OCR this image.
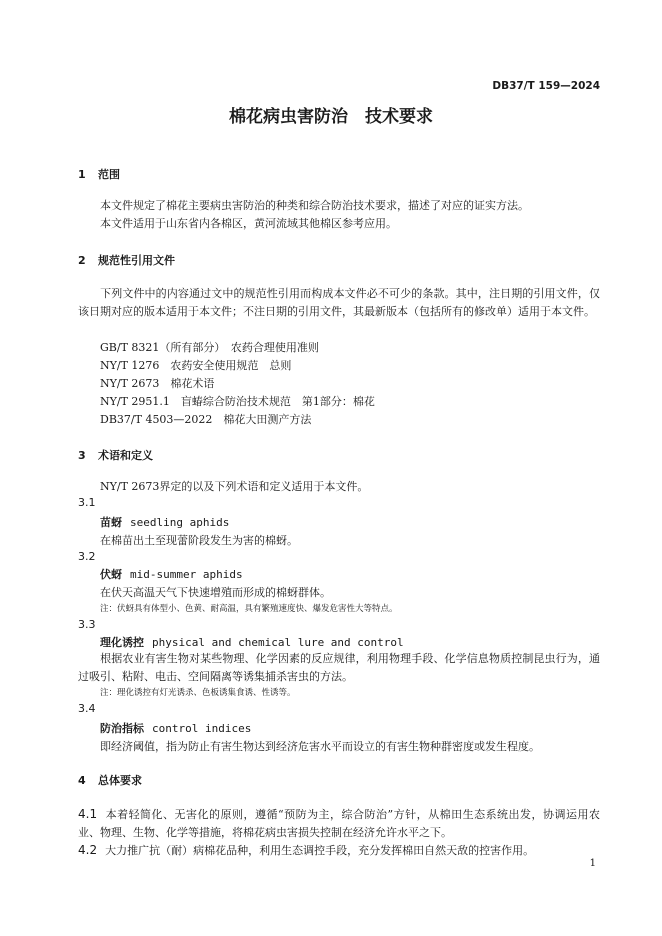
DB37/T 159—2024
棉花病虫害防治　技术要求
1 范围
本文件规定了棉花主要病虫害防治的种类和综合防治技术要求，描述了对应的证实方法。
本文件适用于山东省内各棉区，黄河流域其他棉区参考应用。
2 规范性引用文件
下列文件中的内容通过文中的规范性引用而构成本文件必不可少的条款。其中，注日期的引用文件，仅该日期对应的版本适用于本文件；不注日期的引用文件，其最新版本（包括所有的修改单）适用于本文件。
GB/T 8321（所有部分）　农药合理使用准则
NY/T 1276　农药安全使用规范　总则
NY/T 2673　棉花术语
NY/T 2951.1　盲蝽综合防治技术规范　第1部分：棉花
DB37/T 4503—2022　棉花大田测产方法
3 术语和定义
NY/T 2673界定的以及下列术语和定义适用于本文件。
3.1
苗蚜 seedling aphids
在棉苗出土至现蕾阶段发生为害的棉蚜。
3.2
伏蚜 mid-summer aphids
在伏天高温天气下快速增殖而形成的棉蚜群体。
注：伏蚜具有体型小、色黄、耐高温，具有繁殖速度快、爆发危害性大等特点。
3.3
理化诱控 physical and chemical lure and control
根据农业有害生物对某些物理、化学因素的反应规律，利用物理手段、化学信息物质控制昆虫行为，通过吸引、粘附、电击、空间隔离等诱集捕杀害虫的方法。
注：理化诱控有灯光诱杀、色板诱集食诱、性诱等。
3.4
防治指标 control indices
即经济阈值，指为防止有害生物达到经济危害水平而设立的有害生物种群密度或发生程度。
4 总体要求
4.1 本着轻简化、无害化的原则，遵循“预防为主，综合防治”方针，从棉田生态系统出发，协调运用农业、物理、生物、化学等措施，将棉花病虫害损失控制在经济允许水平之下。
4.2 大力推广抗（耐）病棉花品种，利用生态调控手段，充分发挥棉田自然天敌的控害作用。
1
